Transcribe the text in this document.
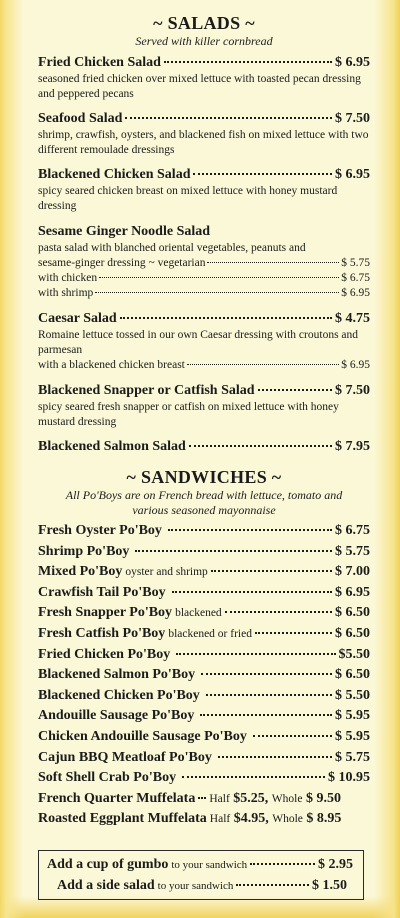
~ SALADS ~
Served with killer cornbread
Fried Chicken Salad	$ 6.95
seasoned fried chicken over mixed lettuce with toasted pecan dressing and peppered pecans
Seafood Salad	$ 7.50
shrimp, crawfish, oysters, and blackened fish on mixed lettuce with two different remoulade dressings
Blackened Chicken Salad	$ 6.95
spicy seared chicken breast on mixed lettuce with honey mustard dressing
Sesame Ginger Noodle Salad
pasta salad with blanched oriental vegetables, peanuts and
sesame-ginger dressing ~ vegetarian	$ 5.75
with chicken	$ 6.75
with shrimp	$ 6.95
Caesar Salad	$ 4.75
Romaine lettuce tossed in our own Caesar dressing with croutons and parmesan
with a blackened chicken breast	$ 6.95
Blackened Snapper or Catfish Salad	$ 7.50
spicy seared fresh snapper or catfish on mixed lettuce with honey mustard dressing
Blackened Salmon Salad	$ 7.95
~ SANDWICHES ~
All Po'Boys are on French bread with lettuce, tomato and
various seasoned mayonnaise
Fresh Oyster Po'Boy	$ 6.75
Shrimp Po'Boy	$ 5.75
Mixed Po'Boy oyster and shrimp	$ 7.00
Crawfish Tail Po'Boy	$ 6.95
Fresh Snapper Po'Boy blackened	$ 6.50
Fresh Catfish Po'Boy blackened or fried	$ 6.50
Fried Chicken Po'Boy	$5.50
Blackened Salmon Po'Boy	$ 6.50
Blackened Chicken Po'Boy	$ 5.50
Andouille Sausage Po'Boy	$ 5.95
Chicken Andouille Sausage Po'Boy	$ 5.95
Cajun BBQ Meatloaf Po'Boy	$ 5.75
Soft Shell Crab Po'Boy	$ 10.95
French Quarter Muffelata Half $5.25, Whole $ 9.50
Roasted Eggplant Muffelata Half $4.95, Whole $ 8.95
Add a cup of gumbo to your sandwich	$ 2.95
Add a side salad to your sandwich	$ 1.50
